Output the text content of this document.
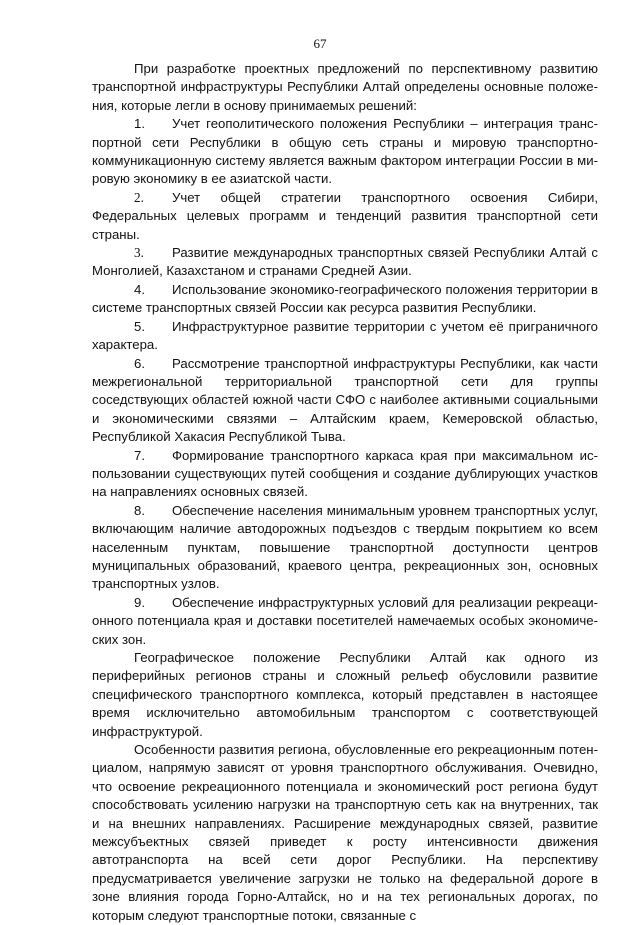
67

При разработке проектных предложений по перспективному развитию транспортной инфраструктуры Республики Алтай определены основные положения, которые легли в основу принимаемых решений:

1. Учет геополитического положения Республики – интеграция транспортной сети Республики в общую сеть страны и мировую транспортно-коммуникационную систему является важным фактором интеграции России в мировую экономику в ее азиатской части.

2. Учет общей стратегии транспортного освоения Сибири, Федеральных целевых программ и тенденций развития транспортной сети страны.

3. Развитие международных транспортных связей Республики Алтай с Монголией, Казахстаном и странами Средней Азии.

4. Использование экономико-географического положения территории в системе транспортных связей России как ресурса развития Республики.

5. Инфраструктурное развитие территории с учетом её приграничного характера.

6. Рассмотрение транспортной инфраструктуры Республики, как части межрегиональной территориальной транспортной сети для группы соседствующих областей южной части СФО с наиболее активными социальными и экономическими связями – Алтайским краем, Кемеровской областью, Республикой Хакасия Республикой Тыва.

7. Формирование транспортного каркаса края при максимальном использовании существующих путей сообщения и создание дублирующих участков на направлениях основных связей.

8. Обеспечение населения минимальным уровнем транспортных услуг, включающим наличие автодорожных подъездов с твердым покрытием ко всем населенным пунктам, повышение транспортной доступности центров муниципальных образований, краевого центра, рекреационных зон, основных транспортных узлов.

9. Обеспечение инфраструктурных условий для реализации рекреационного потенциала края и доставки посетителей намечаемых особых экономических зон.

Географическое положение Республики Алтай как одного из периферийных регионов страны и сложный рельеф обусловили развитие специфического транспортного комплекса, который представлен в настоящее время исключительно автомобильным транспортом с соответствующей инфраструктурой.

Особенности развития региона, обусловленные его рекреационным потенциалом, напрямую зависят от уровня транспортного обслуживания. Очевидно, что освоение рекреационного потенциала и экономический рост региона будут способствовать усилению нагрузки на транспортную сеть как на внутренних, так и на внешних направлениях. Расширение международных связей, развитие межсубъектных связей приведет к росту интенсивности движения автотранспорта на всей сети дорог Республики. На перспективу предусматривается увеличение загрузки не только на федеральной дороге в зоне влияния города Горно-Алтайск, но и на тех региональных дорогах, по которым следуют транспортные потоки, связанные с
